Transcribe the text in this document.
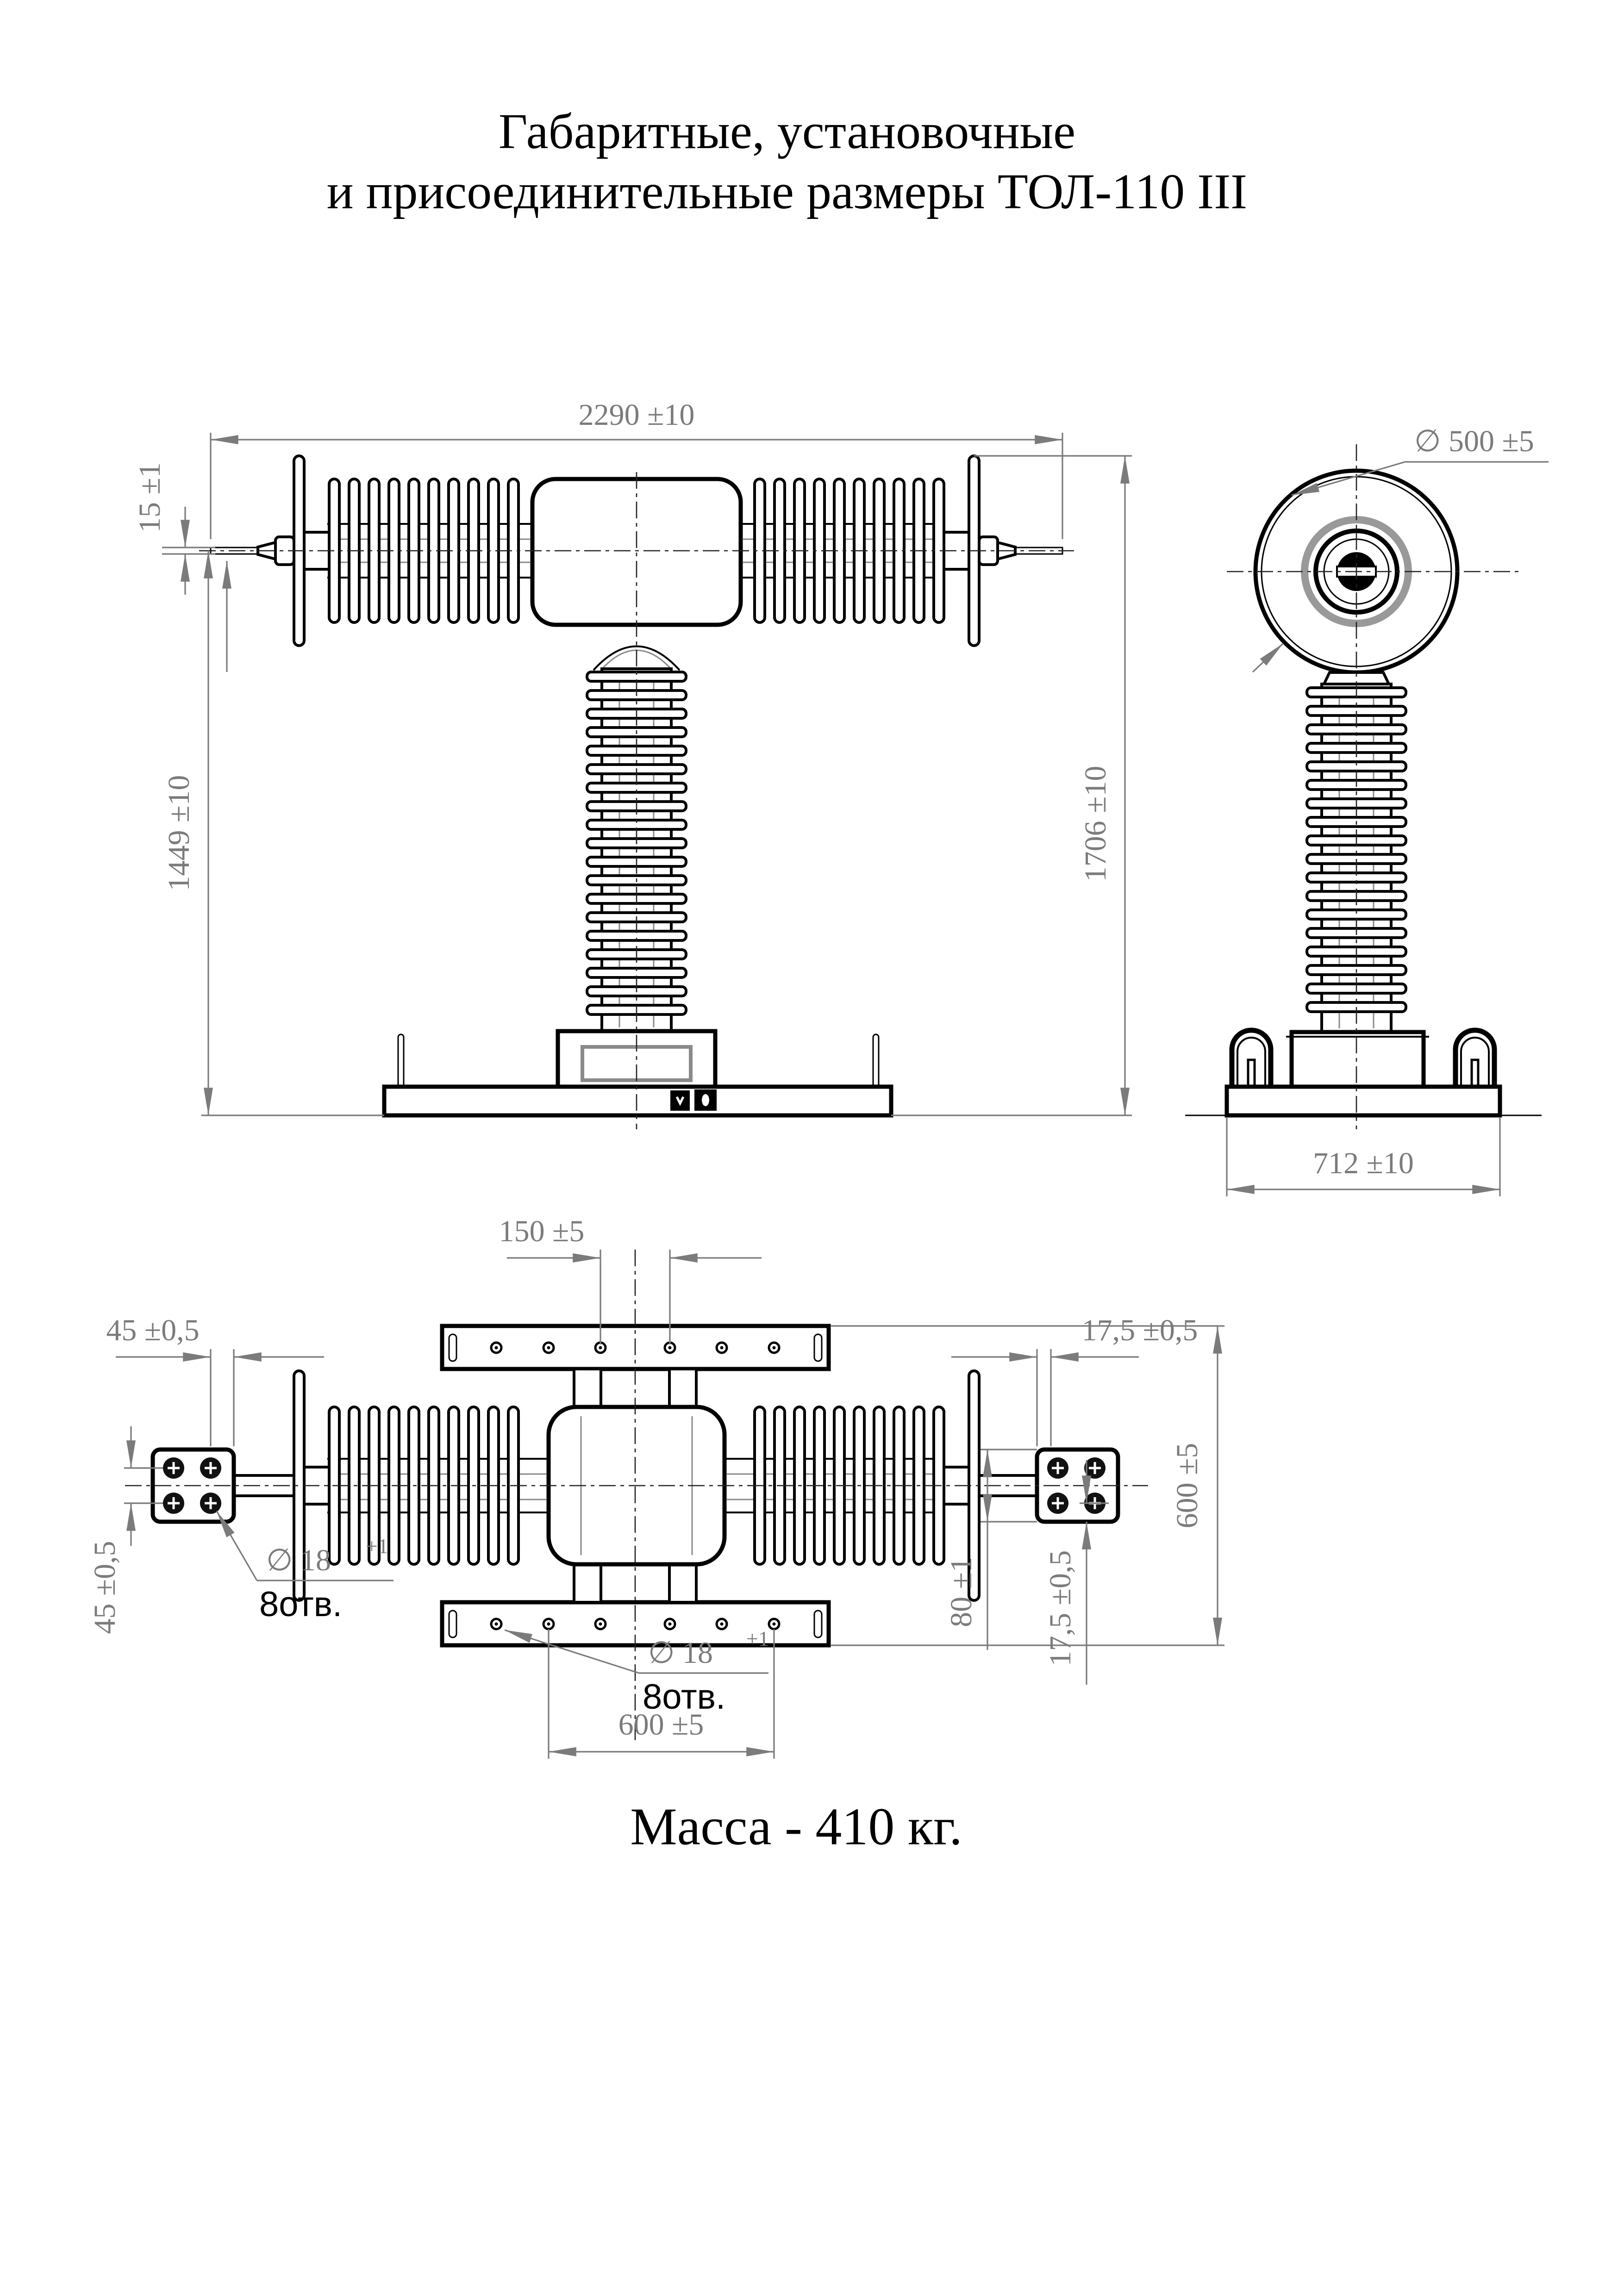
Габаритные, установочные
и присоединительные размеры ТОЛ-110 III
2290 ±10
15 ±1
1449 ±10	1706 ±10
∅ 500 ±5
712 ±10
150 ±5
45 ±0,5
45 ±0,5
17,5 ±0,5
600 ±5
80 ±1 17,5 ±0,5
600 ±5
∅ 18 +1
8отв.
∅ 18 +1
8отв.
Масса - 410 кг.
